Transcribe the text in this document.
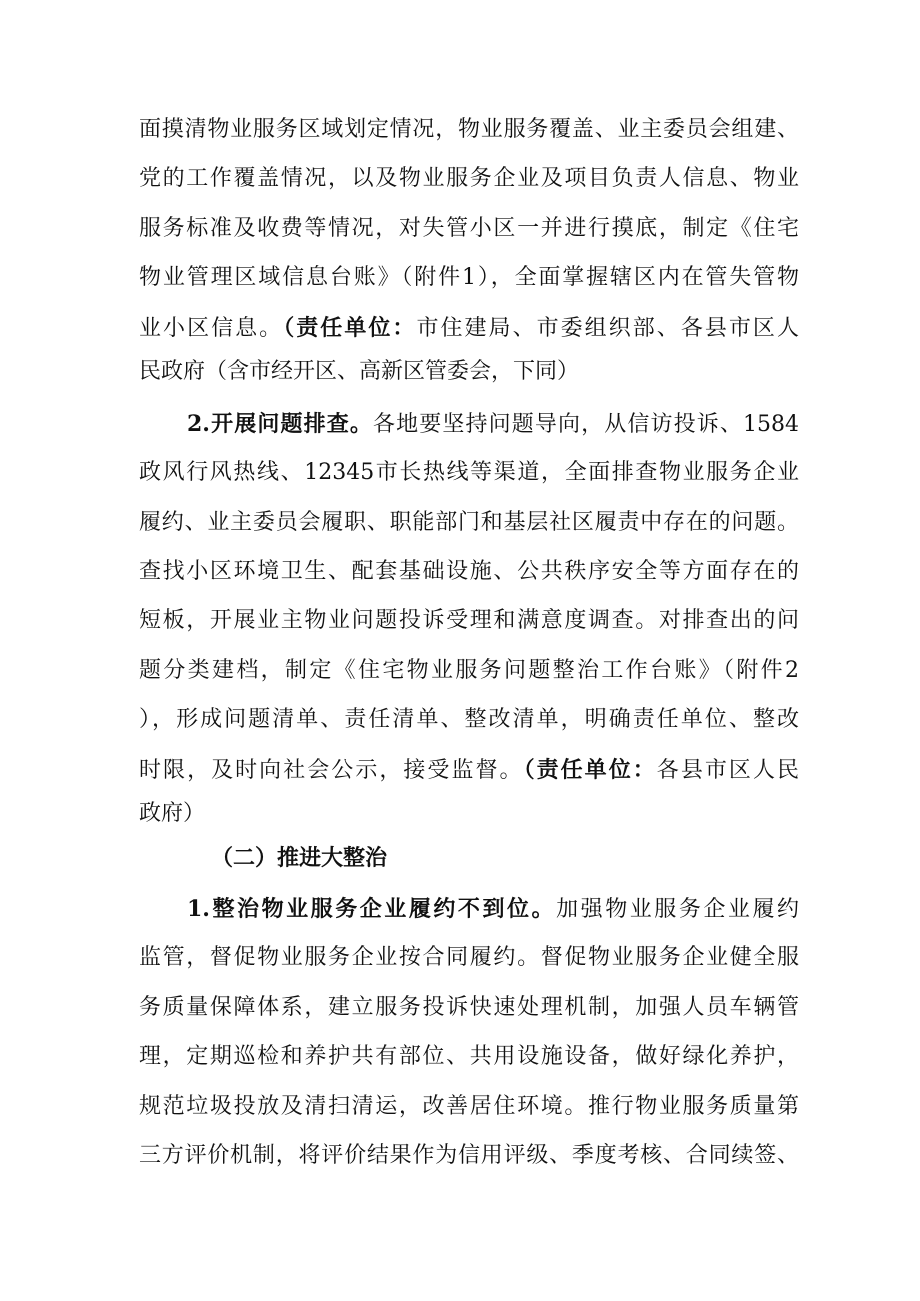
面摸清物业服务区域划定情况，物业服务覆盖、业主委员会组建、
党的工作覆盖情况，以及物业服务企业及项目负责人信息、物业
服务标准及收费等情况，对失管小区一并进行摸底，制定《住宅
物业管理区域信息台账》（附件1），全面掌握辖区内在管失管物
业小区信息。（责任单位：市住建局、市委组织部、各县市区人
民政府（含市经开区、高新区管委会，下同）
2.开展问题排查。各地要坚持问题导向，从信访投诉、1584
政风行风热线、12345市长热线等渠道，全面排查物业服务企业
履约、业主委员会履职、职能部门和基层社区履责中存在的问题。
查找小区环境卫生、配套基础设施、公共秩序安全等方面存在的
短板，开展业主物业问题投诉受理和满意度调查。对排查出的问
题分类建档，制定《住宅物业服务问题整治工作台账》（附件2
），形成问题清单、责任清单、整改清单，明确责任单位、整改
时限，及时向社会公示，接受监督。（责任单位：各县市区人民
政府）
（二）推进大整治
1.整治物业服务企业履约不到位。加强物业服务企业履约
监管，督促物业服务企业按合同履约。督促物业服务企业健全服
务质量保障体系，建立服务投诉快速处理机制，加强人员车辆管
理，定期巡检和养护共有部位、共用设施设备，做好绿化养护，
规范垃圾投放及清扫清运，改善居住环境。推行物业服务质量第
三方评价机制，将评价结果作为信用评级、季度考核、合同续签、
